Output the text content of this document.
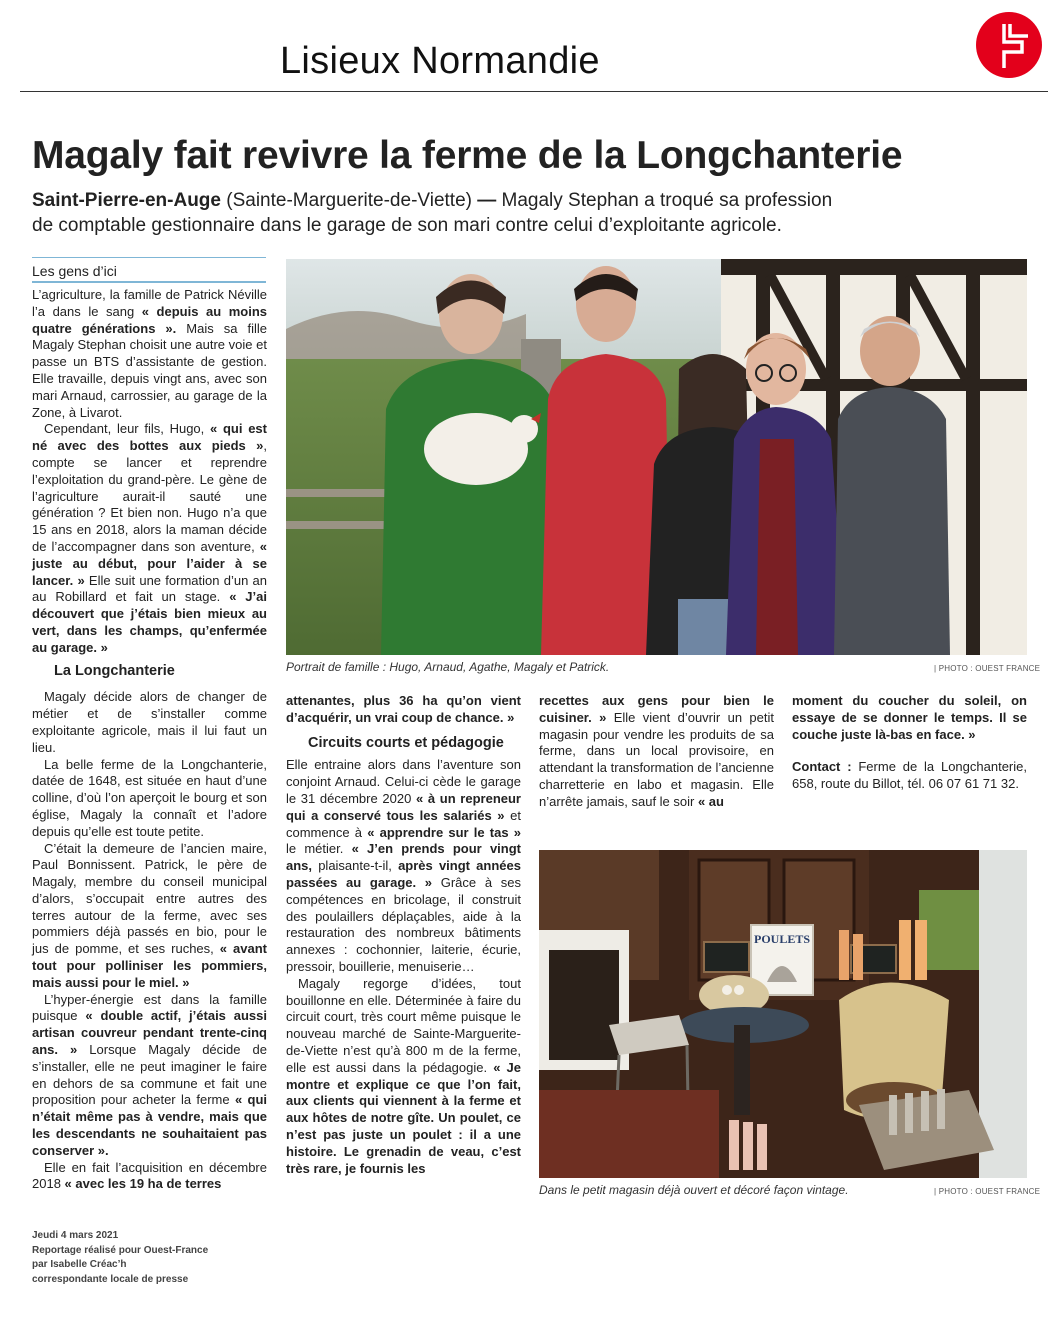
Lisieux Normandie
Magaly fait revivre la ferme de la Longchanterie
Saint-Pierre-en-Auge (Sainte-Marguerite-de-Viette) — Magaly Stephan a troqué sa profession
de comptable gestionnaire dans le garage de son mari contre celui d’exploitante agricole.
Les gens d’ici

L’agriculture, la famille de Patrick Néville l’a dans le sang « depuis au moins quatre générations ». Mais sa fille Magaly Stephan choisit une autre voie et passe un BTS d’assistante de gestion. Elle travaille, depuis vingt ans, avec son mari Arnaud, carrossier, au garage de la Zone, à Livarot.

Cependant, leur fils, Hugo, « qui est né avec des bottes aux pieds », compte se lancer et reprendre l’exploitation du grand-père. Le gène de l’agriculture aurait-il sauté une génération ? Et bien non. Hugo n’a que 15 ans en 2018, alors la maman décide de l’accompagner dans son aventure, « juste au début, pour l’aider à se lancer. » Elle suit une formation d’un an au Robillard et fait un stage. « J’ai découvert que j’étais bien mieux au vert, dans les champs, qu’enfermée au garage. »

La Longchanterie

Magaly décide alors de changer de métier et de s’installer comme exploitante agricole, mais il lui faut un lieu.

La belle ferme de la Longchanterie, datée de 1648, est située en haut d’une colline, d’où l’on aperçoit le bourg et son église, Magaly la connaît et l’adore depuis qu’elle est toute petite.

C’était la demeure de l’ancien maire, Paul Bonnissent. Patrick, le père de Magaly, membre du conseil municipal d’alors, s’occupait entre autres des terres autour de la ferme, avec ses pommiers déjà passés en bio, pour le jus de pomme, et ses ruches, « avant tout pour polliniser les pommiers, mais aussi pour le miel. »

L’hyper-énergie est dans la famille puisque « double actif, j’étais aussi artisan couvreur pendant trente-cinq ans. » Lorsque Magaly décide de s’installer, elle ne peut imaginer le faire en dehors de sa commune et fait une proposition pour acheter la ferme « qui n’était même pas à vendre, mais que les descendants ne souhaitaient pas conserver ».

Elle en fait l’acquisition en décembre 2018 « avec les 19 ha de terres

Portrait de famille : Hugo, Arnaud, Agathe, Magaly et Patrick.	| PHOTO : OUEST FRANCE

attenantes, plus 36 ha qu’on vient d’acquérir, un vrai coup de chance. »

Circuits courts et pédagogie

Elle entraine alors dans l’aventure son conjoint Arnaud. Celui-ci cède le garage le 31 décembre 2020 « à un repreneur qui a conservé tous les salariés » et commence à « apprendre sur le tas » le métier. « J’en prends pour vingt ans, plaisante-t-il, après vingt années passées au garage. » Grâce à ses compétences en bricolage, il construit des poulaillers déplaçables, aide à la restauration des nombreux bâtiments annexes : cochonnier, laiterie, écurie, pressoir, bouillerie, menuiserie…

Magaly regorge d’idées, tout bouillonne en elle. Déterminée à faire du circuit court, très court même puisque le nouveau marché de Sainte-Marguerite-de-Viette n’est qu’à 800 m de la ferme, elle est aussi dans la pédagogie. « Je montre et explique ce que l’on fait, aux clients qui viennent à la ferme et aux hôtes de notre gîte. Un poulet, ce n’est pas juste un poulet : il a une histoire. Le grenadin de veau, c’est très rare, je fournis les

recettes aux gens pour bien le cuisiner. » Elle vient d’ouvrir un petit magasin pour vendre les produits de sa ferme, dans un local provisoire, en attendant la transformation de l’ancienne charretterie en labo et magasin. Elle n’arrête jamais, sauf le soir « au

moment du coucher du soleil, on essaye de se donner le temps. Il se couche juste là-bas en face. »

Contact : Ferme de la Longchanterie, 658, route du Billot, tél. 06 07 61 71 32.

POULETS
Dans le petit magasin déjà ouvert et décoré façon vintage.	| PHOTO : OUEST FRANCE
Jeudi 4 mars 2021
Reportage réalisé pour Ouest-France
par Isabelle Créac’h
correspondante locale de presse
